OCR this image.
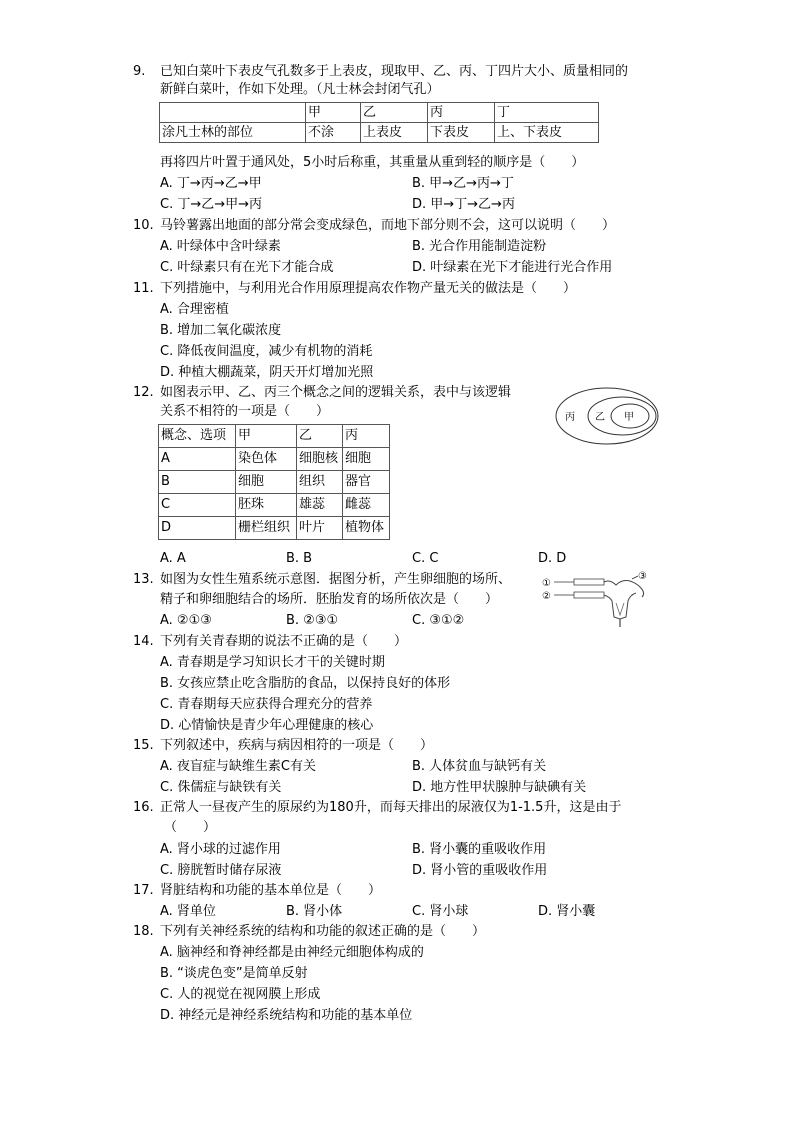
9. 已知白菜叶下表皮气孔数多于上表皮，现取甲、乙、丙、丁四片大小、质量相同的
新鲜白菜叶，作如下处理。（凡士林会封闭气孔）
	甲	乙	丙	丁
涂凡士林的部位	不涂	上表皮	下表皮	上、下表皮
再将四片叶置于通风处，5小时后称重，其重量从重到轻的顺序是（　　）
A. 丁→丙→乙→甲	B. 甲→乙→丙→丁
C. 丁→乙→甲→丙	D. 甲→丁→乙→丙
10. 马铃薯露出地面的部分常会变成绿色，而地下部分则不会，这可以说明（　　）
A. 叶绿体中含叶绿素	B. 光合作用能制造淀粉
C. 叶绿素只有在光下才能合成	D. 叶绿素在光下才能进行光合作用
11. 下列措施中，与利用光合作用原理提高农作物产量无关的做法是（　　）
A. 合理密植
B. 增加二氧化碳浓度
C. 降低夜间温度，减少有机物的消耗
D. 种植大棚蔬菜，阴天开灯增加光照
12. 如图表示甲、乙、丙三个概念之间的逻辑关系，表中与该逻辑
关系不相符的一项是（　　）	丙 乙 甲
概念、选项	甲	乙	丙
A	染色体	细胞核	细胞
B	细胞	组织	器官
C	胚珠	雄蕊	雌蕊
D	栅栏组织	叶片	植物体
A. A	B. B	C. C	D. D
13. 如图为女性生殖系统示意图．据图分析，产生卵细胞的场所、
精子和卵细胞结合的场所．胚胎发育的场所依次是（　　）
①
②
③
A. ②①③	B. ②③①	C. ③①②
14. 下列有关青春期的说法不正确的是（　　）
A. 青春期是学习知识长才干的关键时期
B. 女孩应禁止吃含脂肪的食品，以保持良好的体形
C. 青春期每天应获得合理充分的营养
D. 心情愉快是青少年心理健康的核心
15. 下列叙述中，疾病与病因相符的一项是（　　）
A. 夜盲症与缺维生素C有关	B. 人体贫血与缺钙有关
C. 侏儒症与缺铁有关	D. 地方性甲状腺肿与缺碘有关
16. 正常人一昼夜产生的原尿约为180升，而每天排出的尿液仅为1-1.5升，这是由于
（　　）
A. 肾小球的过滤作用	B. 肾小囊的重吸收作用
C. 膀胱暂时储存尿液	D. 肾小管的重吸收作用
17. 肾脏结构和功能的基本单位是（　　）
A. 肾单位	B. 肾小体	C. 肾小球	D. 肾小囊
18. 下列有关神经系统的结构和功能的叙述正确的是（　　）
A. 脑神经和脊神经都是由神经元细胞体构成的
B. “谈虎色变”是简单反射
C. 人的视觉在视网膜上形成
D. 神经元是神经系统结构和功能的基本单位
